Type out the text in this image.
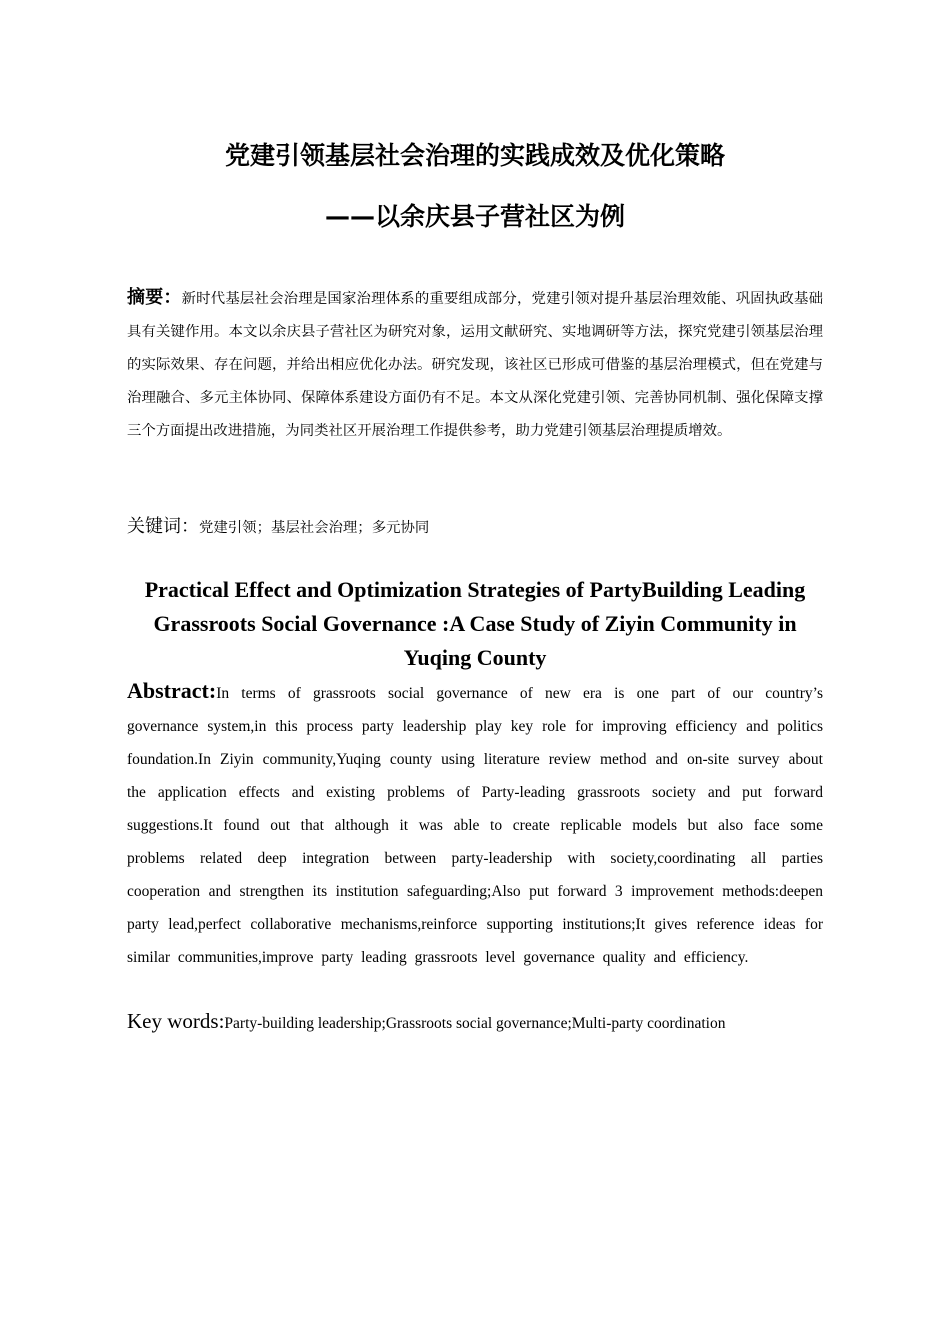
党建引领基层社会治理的实践成效及优化策略
——以余庆县子营社区为例
摘要：新时代基层社会治理是国家治理体系的重要组成部分，党建引领对提升基层治理效能、巩固执政基础具有关键作用。本文以余庆县子营社区为研究对象，运用文献研究、实地调研等方法，探究党建引领基层治理的实际效果、存在问题，并给出相应优化办法。研究发现，该社区已形成可借鉴的基层治理模式，但在党建与治理融合、多元主体协同、保障体系建设方面仍有不足。本文从深化党建引领、完善协同机制、强化保障支撑三个方面提出改进措施，为同类社区开展治理工作提供参考，助力党建引领基层治理提质增效。
关键词：党建引领；基层社会治理；多元协同
Practical Effect and Optimization Strategies of PartyBuilding Leading Grassroots Social Governance :A Case Study of Ziyin Community in Yuqing County
Abstract:In terms of grassroots social governance of new era is one part of our country’s governance system,in this process party leadership play key role for improving efficiency and politics foundation.In Ziyin community,Yuqing county using literature review method and on-site survey about the application effects and existing problems of Party-leading grassroots society and put forward suggestions.It found out that although it was able to create replicable models but also face some problems related deep integration between party-leadership with society,coordinating all parties cooperation and strengthen its institution safeguarding;Also put forward 3 improvement methods:deepen party lead,perfect collaborative mechanisms,reinforce supporting institutions;It gives reference ideas for similar communities,improve party leading grassroots level governance quality and efficiency.
Key words:Party-building leadership;Grassroots social governance;Multi-party coordination
